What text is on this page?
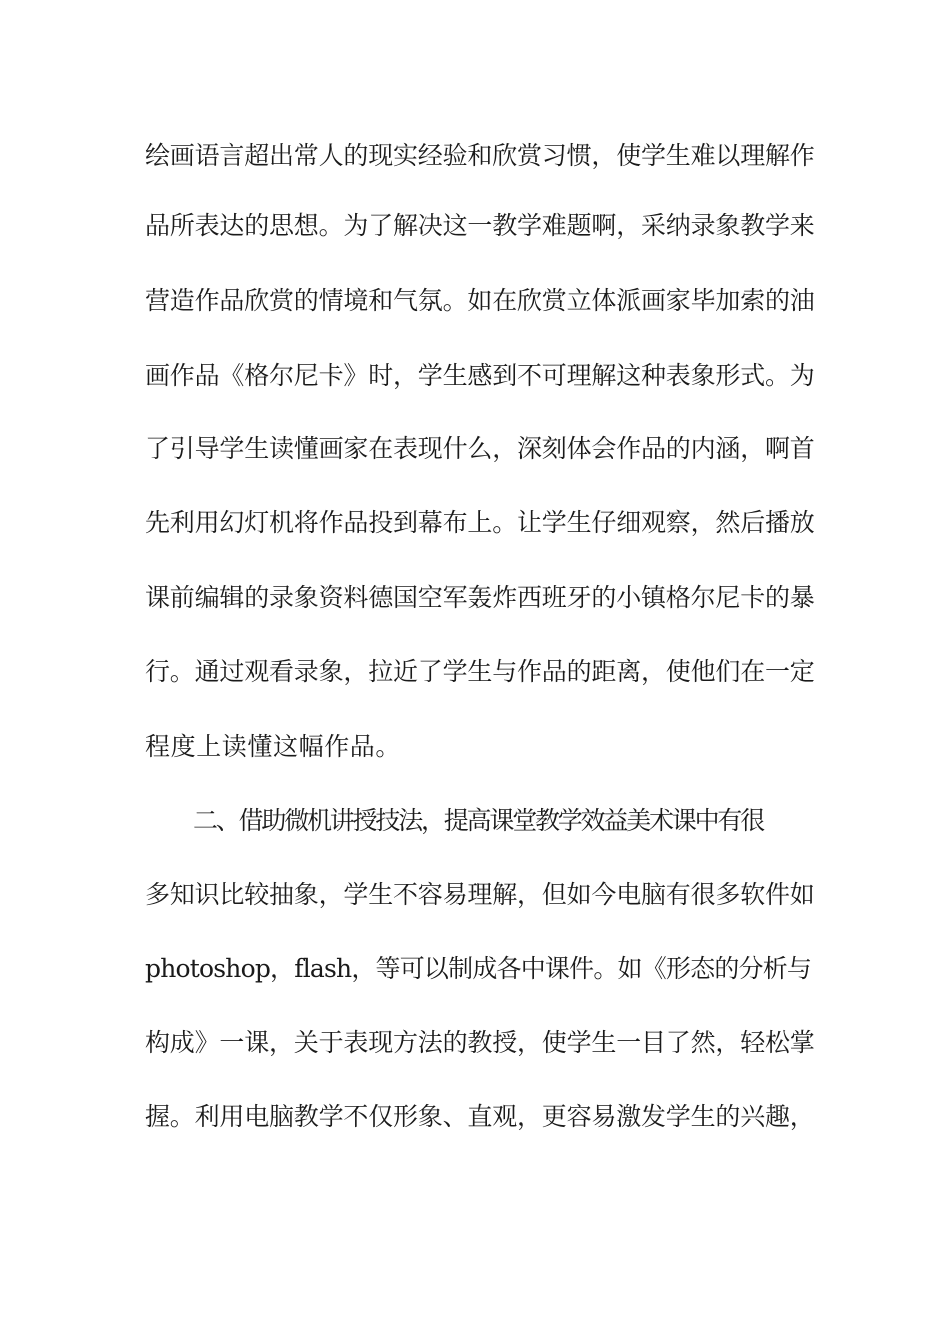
绘画语言超出常人的现实经验和欣赏习惯，使学生难以理解作
品所表达的思想。为了解决这一教学难题啊，采纳录象教学来
营造作品欣赏的情境和气氛。如在欣赏立体派画家毕加索的油
画作品《格尔尼卡》时，学生感到不可理解这种表象形式。为
了引导学生读懂画家在表现什么，深刻体会作品的内涵，啊首
先利用幻灯机将作品投到幕布上。让学生仔细观察，然后播放
课前编辑的录象资料德国空军轰炸西班牙的小镇格尔尼卡的暴
行。通过观看录象，拉近了学生与作品的距离，使他们在一定
程度上读懂这幅作品。
二、借助微机讲授技法，提高课堂教学效益美术课中有很
多知识比较抽象，学生不容易理解，但如今电脑有很多软件如
photoshop，flash，等可以制成各中课件。如《形态的分析与
构成》一课，关于表现方法的教授，使学生一目了然，轻松掌
握。利用电脑教学不仅形象、直观，更容易激发学生的兴趣，
